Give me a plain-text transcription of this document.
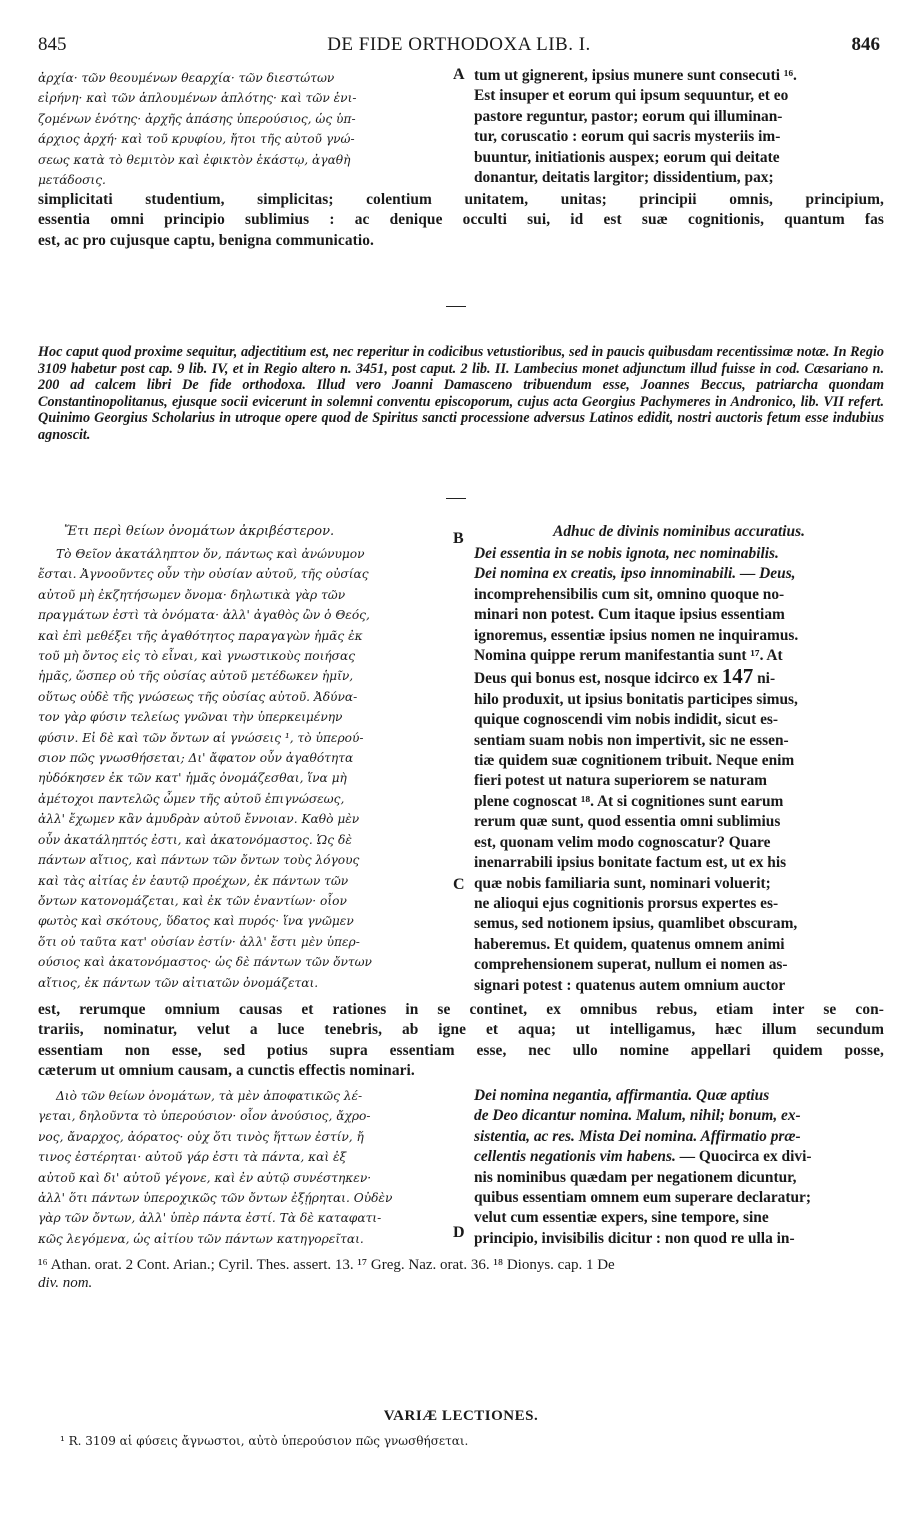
845	DE FIDE ORTHODOXA LIB. I.	846

ἀρχία· τῶν θεουμένων θεαρχία· τῶν διεστώτων

εἰρήνη· καὶ τῶν ἁπλουμένων ἁπλότης· καὶ τῶν ἑνι-

ζομένων ἑνότης· ἀρχῆς ἁπάσης ὑπερούσιος, ὡς ὑπ-

άρχιος ἀρχή· καὶ τοῦ κρυφίου, ἤτοι τῆς αὐτοῦ γνώ-

σεως κατὰ τὸ θεμιτὸν καὶ ἐφικτὸν ἑκάστῳ, ἀγαθὴ

μετάδοσις.

A tum ut gignerent, ipsius munere sunt consecuti ¹⁶.

Est insuper et eorum qui ipsum sequuntur, et eo

pastore reguntur, pastor; eorum qui illuminan-

tur, coruscatio : eorum qui sacris mysteriis im-

buuntur, initiationis auspex; eorum qui deitate

donantur, deitatis largitor; dissidentium, pax;

simplicitati studentium, simplicitas; colentium unitatem, unitas; principii omnis, principium,

essentia omni principio sublimius : ac denique occulti sui, id est suæ cognitionis, quantum fas

est, ac pro cujusque captu, benigna communicatio.

Hoc caput quod proxime sequitur, adjectitium est, nec reperitur in codicibus vetustioribus, sed in paucis quibusdam recentissimæ notæ. In Regio 3109 habetur post cap. 9 lib. IV, et in Regio altero n. 3451, post caput. 2 lib. II. Lambecius monet adjunctum illud fuisse in cod. Cæsariano n. 200 ad calcem libri De fide orthodoxa. Illud vero Joanni Damasceno tribuendum esse, Joannes Beccus, patriarcha quondam Constantinopolitanus, ejusque socii evicerunt in solemni conventu episcoporum, cujus acta Georgius Pachymeres in Andronico, lib. VII refert. Quinimo Georgius Scholarius in utroque opere quod de Spiritus sancti processione adversus Latinos edidit, nostri auctoris fetum esse indubius agnoscit.
Ἔτι περὶ θείων ὀνομάτων ἀκριβέστερον.	B	Adhuc de divinis nominibus accuratius.

Τὸ Θεῖον ἀκατάληπτον ὄν, πάντως καὶ ἀνώνυμον

ἔσται. Ἀγνοοῦντες οὖν τὴν οὐσίαν αὐτοῦ, τῆς οὐσίας

αὐτοῦ μὴ ἐκζητήσωμεν ὄνομα· δηλωτικὰ γὰρ τῶν

πραγμάτων ἐστὶ τὰ ὀνόματα· ἀλλ' ἀγαθὸς ὢν ὁ Θεός,

καὶ ἐπὶ μεθέξει τῆς ἀγαθότητος παραγαγὼν ἡμᾶς ἐκ

τοῦ μὴ ὄντος εἰς τὸ εἶναι, καὶ γνωστικοὺς ποιήσας

ἡμᾶς, ὥσπερ οὐ τῆς οὐσίας αὐτοῦ μετέδωκεν ἡμῖν,

οὕτως οὐδὲ τῆς γνώσεως τῆς οὐσίας αὐτοῦ. Ἀδύνα-

τον γὰρ φύσιν τελείως γνῶναι τὴν ὑπερκειμένην

φύσιν. Εἰ δὲ καὶ τῶν ὄντων αἱ γνώσεις ¹, τὸ ὑπερού-

σιον πῶς γνωσθήσεται; Δι' ἄφατον οὖν ἀγαθότητα

ηὐδόκησεν ἐκ τῶν κατ' ἡμᾶς ὀνομάζεσθαι, ἵνα μὴ

ἀμέτοχοι παντελῶς ὦμεν τῆς αὐτοῦ ἐπιγνώσεως,

ἀλλ' ἔχωμεν κἂν ἀμυδρὰν αὐτοῦ ἔννοιαν. Καθὸ μὲν

οὖν ἀκατάληπτός ἐστι, καὶ ἀκατονόμαστος. Ὡς δὲ

πάντων αἴτιος, καὶ πάντων τῶν ὄντων τοὺς λόγους

καὶ τὰς αἰτίας ἐν ἑαυτῷ προέχων, ἐκ πάντων τῶν

ὄντων κατονομάζεται, καὶ ἐκ τῶν ἐναντίων· οἷον

φωτὸς καὶ σκότους, ὕδατος καὶ πυρός· ἵνα γνῶμεν

ὅτι οὐ ταῦτα κατ' οὐσίαν ἐστίν· ἀλλ' ἔστι μὲν ὑπερ-

ούσιος καὶ ἀκατονόμαστος· ὡς δὲ πάντων τῶν ὄντων

αἴτιος, ἐκ πάντων τῶν αἰτιατῶν ὀνομάζεται.

C

Dei essentia in se nobis ignota, nec nominabilis.

Dei nomina ex creatis, ipso innominabili. — Deus,

incomprehensibilis cum sit, omnino quoque no-

minari non potest. Cum itaque ipsius essentiam

ignoremus, essentiæ ipsius nomen ne inquiramus.

Nomina quippe rerum manifestantia sunt ¹⁷. At

Deus qui bonus est, nosque idcirco ex 147 ni-

hilo produxit, ut ipsius bonitatis participes simus,

quique cognoscendi vim nobis indidit, sicut es-

sentiam suam nobis non impertivit, sic ne essen-

tiæ quidem suæ cognitionem tribuit. Neque enim

fieri potest ut natura superiorem se naturam

plene cognoscat ¹⁸. At si cognitiones sunt earum

rerum quæ sunt, quod essentia omni sublimius

est, quonam velim modo cognoscatur? Quare

inenarrabili ipsius bonitate factum est, ut ex his

quæ nobis familiaria sunt, nominari voluerit;

ne alioqui ejus cognitionis prorsus expertes es-

semus, sed notionem ipsius, quamlibet obscuram,

haberemus. Et quidem, quatenus omnem animi

comprehensionem superat, nullum ei nomen as-

signari potest : quatenus autem omnium auctor

est, rerumque omnium causas et rationes in se continet, ex omnibus rebus, etiam inter se con-

trariis, nominatur, velut a luce tenebris, ab igne et aqua; ut intelligamus, hæc illum secundum

essentiam non esse, sed potius supra essentiam esse, nec ullo nomine appellari quidem posse,

cæterum ut omnium causam, a cunctis effectis nominari.

Διὸ τῶν θείων ὀνομάτων, τὰ μὲν ἀποφατικῶς λέ-

γεται, δηλοῦντα τὸ ὑπερούσιον· οἷον ἀνούσιος, ἄχρο-

νος, ἄναρχος, ἀόρατος· οὐχ ὅτι τινὸς ἥττων ἐστίν, ἤ

τινος ἐστέρηται· αὐτοῦ γάρ ἐστι τὰ πάντα, καὶ ἐξ

αὐτοῦ καὶ δι' αὐτοῦ γέγονε, καὶ ἐν αὐτῷ συνέστηκεν·

ἀλλ' ὅτι πάντων ὑπεροχικῶς τῶν ὄντων ἐξῄρηται. Οὐδὲν

γὰρ τῶν ὄντων, ἀλλ' ὑπὲρ πάντα ἐστί. Τὰ δὲ καταφατι-

κῶς λεγόμενα, ὡς αἰτίου τῶν πάντων κατηγορεῖται.	D

Dei nomina negantia, affirmantia. Quæ aptius

de Deo dicantur nomina. Malum, nihil; bonum, ex-

sistentia, ac res. Mista Dei nomina. Affirmatio præ-

cellentis negationis vim habens. — Quocirca ex divi-

nis nominibus quædam per negationem dicuntur,

quibus essentiam omnem eum superare declaratur;

velut cum essentiæ expers, sine tempore, sine

principio, invisibilis dicitur : non quod re ulla in-

¹⁶ Athan. orat. 2 Cont. Arian.; Cyril. Thes. assert. 13. ¹⁷ Greg. Naz. orat. 36. ¹⁸ Dionys. cap. 1 De

div. nom.

VARIÆ LECTIONES.
¹ R. 3109 αἱ φύσεις ἄγνωστοι, αὐτὸ ὑπερούσιον πῶς γνωσθήσεται.
